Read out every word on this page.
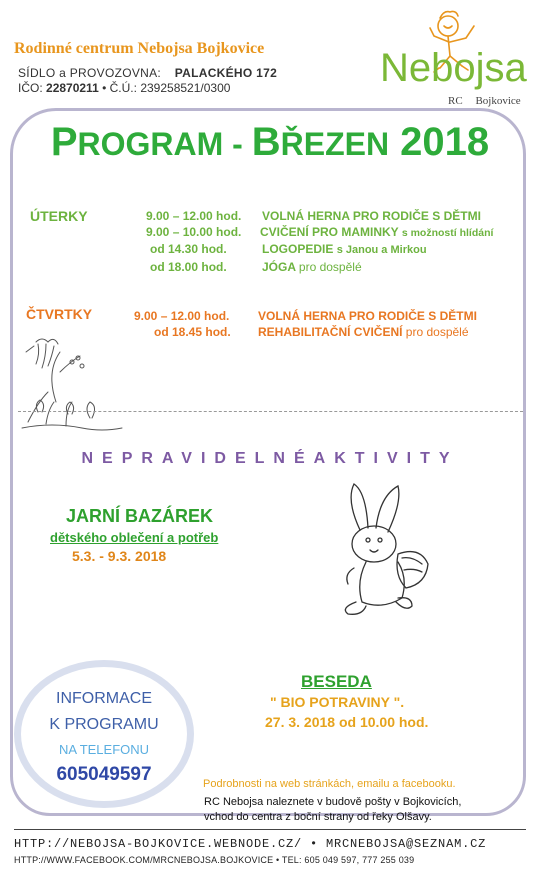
Rodinné centrum Nebojsa Bojkovice
SÍDLO a PROVOZOVNA: PALACKÉHO 172
IČO: 22870211 • Č.Ú.: 239258521/0300	Nebojsa
RC Bojkovice
PROGRAM - BŘEZEN 2018
ÚTERKY	9.00 – 12.00 hod. VOLNÁ HERNA PRO RODIČE S DĚTMI
9.00 – 10.00 hod. CVIČENÍ PRO MAMINKY s možností hlídání
od 14.30 hod.	LOGOPEDIE s Janou a Mirkou
od 18.00 hod.	JÓGA pro dospělé
ČTVRTKY	9.00 – 12.00 hod. VOLNÁ HERNA PRO RODIČE S DĚTMI
od 18.45 hod. REHABILITAČNÍ CVIČENÍ pro dospělé
NEPRAVIDELNÉAKTIVITY
JARNÍ BAZÁREK
dětského oblečení a potřeb
5.3. - 9.3. 2018
BESEDA
" BIO POTRAVINY ".
27. 3. 2018 od 10.00 hod.
INFORMACE
K PROGRAMU
NA TELEFONU
605049597	Podrobnosti na web stránkách, emailu a facebooku.
RC Nebojsa naleznete v budově pošty v Bojkovicích,
vchod do centra z boční strany od řeky Olšavy.
HTTP://NEBOJSA-BOJKOVICE.WEBNODE.CZ/ • MRCNEBOJSA@SEZNAM.CZ
HTTP://WWW.FACEBOOK.COM/MRCNEBOJSA.BOJKOVICE • TEL: 605 049 597, 777 255 039
